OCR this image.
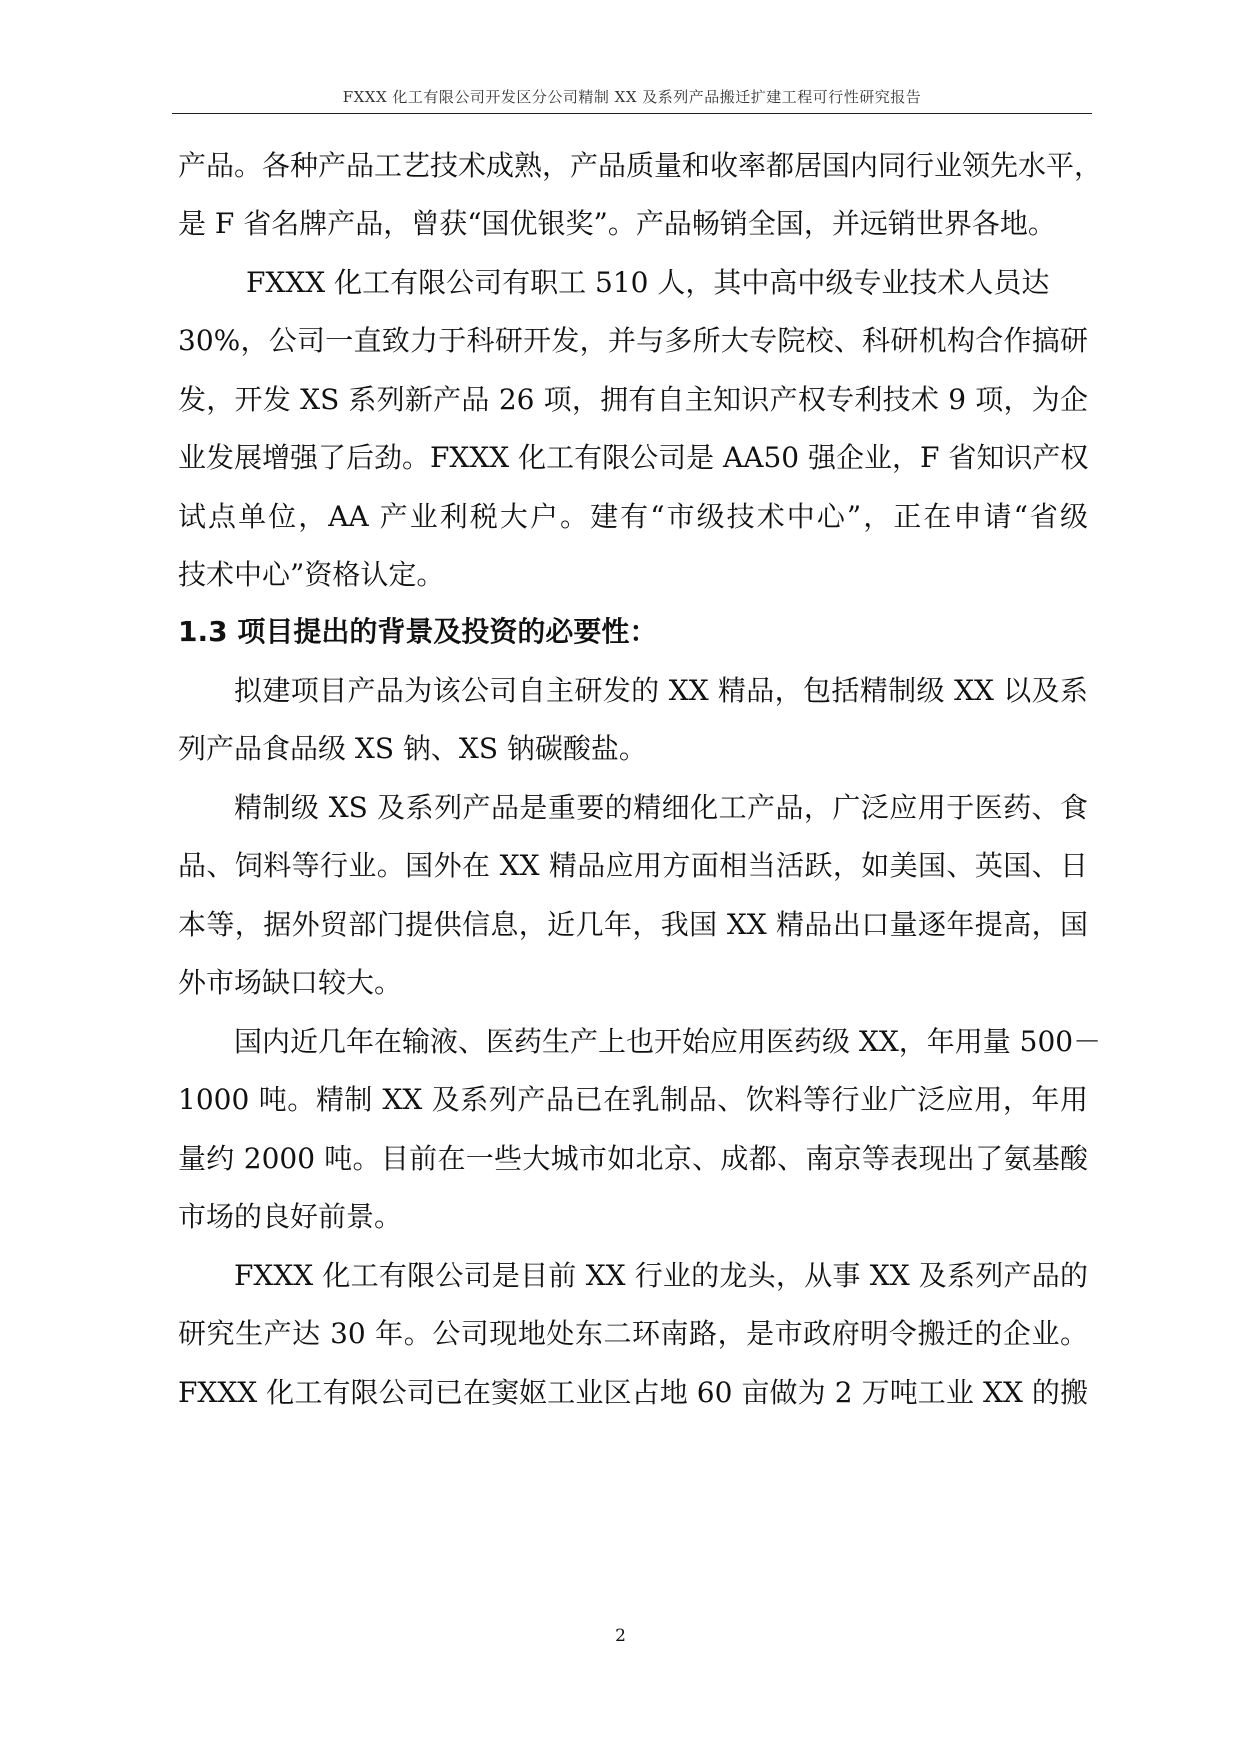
FXXX 化工有限公司开发区分公司精制 XX 及系列产品搬迁扩建工程可行性研究报告
产品。各种产品工艺技术成熟，产品质量和收率都居国内同行业领先水平，
是 F 省名牌产品，曾获“国优银奖”。产品畅销全国，并远销世界各地。
FXXX 化工有限公司有职工 510 人，其中高中级专业技术人员达
30%，公司一直致力于科研开发，并与多所大专院校、科研机构合作搞研
发，开发 XS 系列新产品 26 项，拥有自主知识产权专利技术 9 项，为企
业发展增强了后劲。FXXX 化工有限公司是 AA50 强企业，F 省知识产权
试点单位，AA 产业利税大户。建有“市级技术中心”，正在申请“省级
技术中心”资格认定。
1.3 项目提出的背景及投资的必要性：
拟建项目产品为该公司自主研发的 XX 精品，包括精制级 XX 以及系
列产品食品级 XS 钠、XS 钠碳酸盐。
精制级 XS 及系列产品是重要的精细化工产品，广泛应用于医药、食
品、饲料等行业。国外在 XX 精品应用方面相当活跃，如美国、英国、日
本等，据外贸部门提供信息，近几年，我国 XX 精品出口量逐年提高，国
外市场缺口较大。
国内近几年在输液、医药生产上也开始应用医药级 XX，年用量 500－
1000 吨。精制 XX 及系列产品已在乳制品、饮料等行业广泛应用，年用
量约 2000 吨。目前在一些大城市如北京、成都、南京等表现出了氨基酸
市场的良好前景。
FXXX 化工有限公司是目前 XX 行业的龙头，从事 XX 及系列产品的
研究生产达 30 年。公司现地处东二环南路，是市政府明令搬迁的企业。
FXXX 化工有限公司已在窦妪工业区占地 60 亩做为 2 万吨工业 XX 的搬
2
